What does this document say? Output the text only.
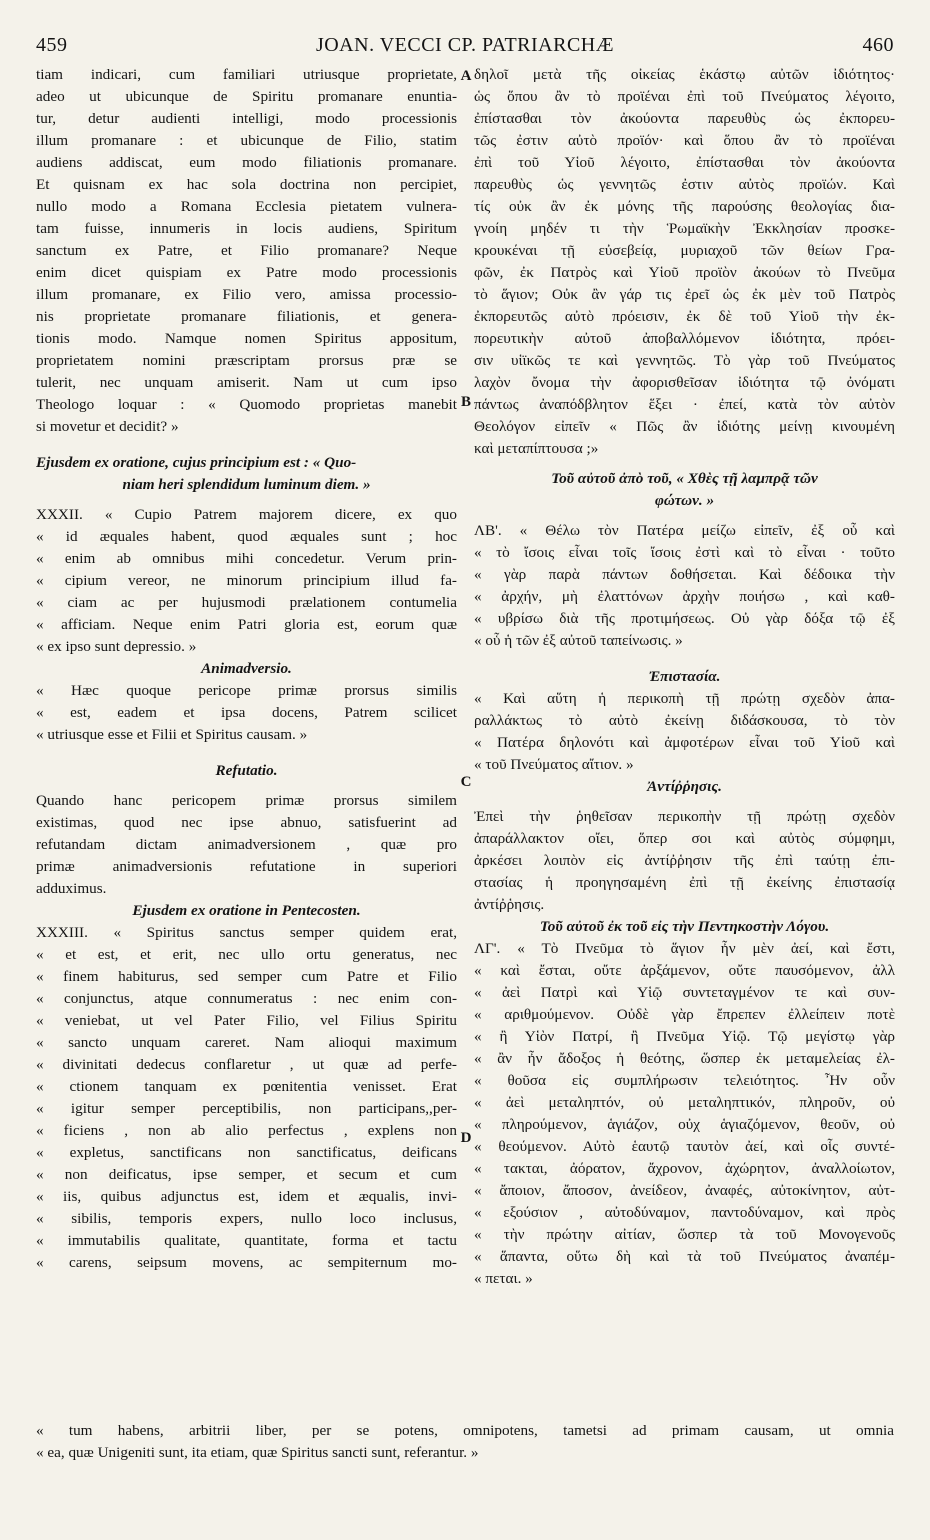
459	JOAN. VECCI CP. PATRIARCHÆ	460
tiam indicari, cum familiari utriusque proprietate,
adeo ut ubicunque de Spiritu promanare enuntia-
tur, detur audienti intelligi, modo processionis
illum promanare : et ubicunque de Filio, statim
audiens addiscat, eum modo filiationis promanare.
Et quisnam ex hac sola doctrina non percipiet,
nullo modo a Romana Ecclesia pietatem vulnera-
tam fuisse, innumeris in locis audiens, Spiritum
sanctum ex Patre, et Filio promanare? Neque
enim dicet quispiam ex Patre modo processionis
illum promanare, ex Filio vero, amissa processio-
nis proprietate promanare filiationis, et genera-
tionis modo. Namque nomen Spiritus appositum,
proprietatem nomini præscriptam prorsus præ se
tulerit, nec unquam amiserit. Nam ut cum ipso
Theologo loquar : « Quomodo proprietas manebit
si movetur et decidit? »
Ejusdem ex oratione, cujus principium est : « Quo-
niam heri splendidum luminum diem. »
XXXII. « Cupio Patrem majorem dicere, ex quo
« id æquales habent, quod æquales sunt ; hoc
« enim ab omnibus mihi concedetur. Verum prin-
« cipium vereor, ne minorum principium illud fa-
« ciam ac per hujusmodi prælationem contumelia
« afficiam. Neque enim Patri gloria est, eorum quæ
« ex ipso sunt depressio. »
Animadversio.
« Hæc quoque pericope primæ prorsus similis
« est, eadem et ipsa docens, Patrem scilicet
« utriusque esse et Filii et Spiritus causam. »
Refutatio.
Quando hanc pericopem primæ prorsus similem
existimas, quod nec ipse abnuo, satisfuerint ad
refutandam dictam animadversionem , quæ pro
primæ animadversionis refutatione in superiori
adduximus.
Ejusdem ex oratione in Pentecosten.
XXXIII. « Spiritus sanctus semper quidem erat,
« et est, et erit, nec ullo ortu generatus, nec
« finem habiturus, sed semper cum Patre et Filio
« conjunctus, atque connumeratus : nec enim con-
« veniebat, ut vel Pater Filio, vel Filius Spiritu
« sancto unquam careret. Nam alioqui maximum
« divinitati dedecus conflaretur , ut quæ ad perfe-
« ctionem tanquam ex pœnitentia venisset. Erat
« igitur semper perceptibilis, non participans,,per-
« ficiens , non ab alio perfectus , explens non
« expletus, sanctificans non sanctificatus, deificans
« non deificatus, ipse semper, et secum et cum
« iis, quibus adjunctus est, idem et æqualis, invi-
« sibilis, temporis expers, nullo loco inclusus,
« immutabilis qualitate, quantitate, forma et tactu
« carens, seipsum movens, ac sempiternum mo-
δηλοῖ μετὰ τῆς οἰκείας ἑκάστῳ αὐτῶν ἰδιότητος·
ὡς ὅπου ἂν τὸ προϊέναι ἐπὶ τοῦ Πνεύματος λέγοιτο,
ἐπίστασθαι τὸν ἀκούοντα παρευθὺς ὡς ἐκπορευ-
τῶς ἐστιν αὐτὸ προϊόν· καὶ ὅπου ἂν τὸ προϊέναι
ἐπὶ τοῦ Υἱοῦ λέγοιτο, ἐπίστασθαι τὸν ἀκούοντα
παρευθὺς ὡς γεννητῶς ἐστιν αὐτὸς προϊών. Καὶ
τίς οὐκ ἂν ἐκ μόνης τῆς παρούσης θεολογίας δια-
γνοίη μηδέν τι τὴν Ῥωμαϊκὴν Ἐκκλησίαν προσκε-
κρουκέναι τῇ εὐσεβείᾳ, μυριαχοῦ τῶν θείων Γρα-
φῶν, ἐκ Πατρὸς καὶ Υἱοῦ προϊὸν ἀκούων τὸ Πνεῦμα
τὸ ἅγιον; Οὐκ ἂν γάρ τις ἐρεῖ ὡς ἐκ μὲν τοῦ Πατρὸς
ἐκπορευτῶς αὐτὸ πρόεισιν, ἐκ δὲ τοῦ Υἱοῦ τὴν ἐκ-
πορευτικὴν αὐτοῦ ἀποβαλλόμενον ἰδιότητα, πρόει-
σιν υἱϊκῶς τε καὶ γεννητῶς. Τὸ γὰρ τοῦ Πνεύματος
λαχὸν ὄνομα τὴν ἀφορισθεῖσαν ἰδιότητα τῷ ὀνόματι
πάντως ἀναπόδβλητον ἕξει · ἐπεί, κατὰ τὸν αὐτὸν
Θεολόγον εἰπεῖν « Πῶς ἂν ἰδιότης μείνῃ κινουμένη
καὶ μεταπίπτουσα ;»
Τοῦ αὐτοῦ ἀπὸ τοῦ, « Χθὲς τῇ λαμπρᾷ τῶν
φώτων. »
ΛΒ'. « Θέλω τὸν Πατέρα μείζω εἰπεῖν, ἐξ οὗ καὶ
« τὸ ἴσοις εἶναι τοῖς ἴσοις ἐστὶ καὶ τὸ εἶναι · τοῦτο
« γὰρ παρὰ πάντων δοθήσεται. Καὶ δέδοικα τὴν
« ἀρχήν, μὴ ἐλαττόνων ἀρχὴν ποιήσω , καὶ καθ-
« υβρίσω διὰ τῆς προτιμήσεως. Οὐ γὰρ δόξα τῷ ἐξ
« οὗ ἡ τῶν ἐξ αὐτοῦ ταπείνωσις. »
Ἐπιστασία.
« Καὶ αὕτη ἡ περικοπὴ τῇ πρώτῃ σχεδὸν ἀπα-
ραλλάκτως τὸ αὐτὸ ἐκείνῃ διδάσκουσα, τὸ τὸν
« Πατέρα δηλονότι καὶ ἀμφοτέρων εἶναι τοῦ Υἱοῦ καὶ
« τοῦ Πνεύματος αἴτιον. »
Ἀντίῤῥησις.
Ἐπεὶ τὴν ῥηθεῖσαν περικοπὴν τῇ πρώτῃ σχεδὸν
ἀπαράλλακτον οἴει, ὅπερ σοι καὶ αὐτὸς σύμφημι,
ἀρκέσει λοιπὸν εἰς ἀντίῤῥησιν τῆς ἐπὶ ταύτῃ ἐπι-
στασίας ἡ προηγησαμένη ἐπὶ τῇ ἐκείνης ἐπιστασίᾳ
ἀντίῤῥησις.
Τοῦ αὐτοῦ ἐκ τοῦ εἰς τὴν Πεντηκοστὴν Λόγου.
ΛΓ'. « Τὸ Πνεῦμα τὸ ἅγιον ἦν μὲν ἀεί, καὶ ἔστι,
« καὶ ἔσται, οὔτε ἀρξάμενον, οὔτε παυσόμενον, ἀλλ
« ἀεὶ Πατρὶ καὶ Υἱῷ συντεταγμένον τε καὶ συν-
« αριθμούμενον. Οὐδὲ γὰρ ἔπρεπεν ἐλλείπειν ποτὲ
« ἢ Υἱὸν Πατρί, ἢ Πνεῦμα Υἱῷ. Τῷ μεγίστῳ γὰρ
« ἂν ἦν ἄδοξος ἡ θεότης, ὥσπερ ἐκ μεταμελείας ἐλ-
« θοῦσα εἰς συμπλήρωσιν τελειότητος. Ἦν οὖν
« ἀεὶ μεταληπτόν, οὐ μεταληπτικόν, πληροῦν, οὐ
« πληρούμενον, ἁγιάζον, οὐχ ἁγιαζόμενον, θεοῦν, οὐ
« θεούμενον. Αὐτὸ ἑαυτῷ ταυτὸν ἀεί, καὶ οἷς συντέ-
« τακται, ἀόρατον, ἄχρονον, ἀχώρητον, ἀναλλοίωτον,
« ἄποιον, ἄποσον, ἀνείδεον, ἀναφές, αὐτοκίνητον, αὐτ-
« εξούσιον , αὐτοδύναμον, παντοδύναμον, καὶ πρὸς
« τὴν πρώτην αἰτίαν, ὥσπερ τὰ τοῦ Μονογενοῦς
« ἅπαντα, οὕτω δὴ καὶ τὰ τοῦ Πνεύματος ἀναπέμ-
« πεται. »
A
B
C
D
« tum habens, arbitrii liber, per se potens, omnipotens, tametsi ad primam causam, ut omnia
« ea, quæ Unigeniti sunt, ita etiam, quæ Spiritus sancti sunt, referantur. »
